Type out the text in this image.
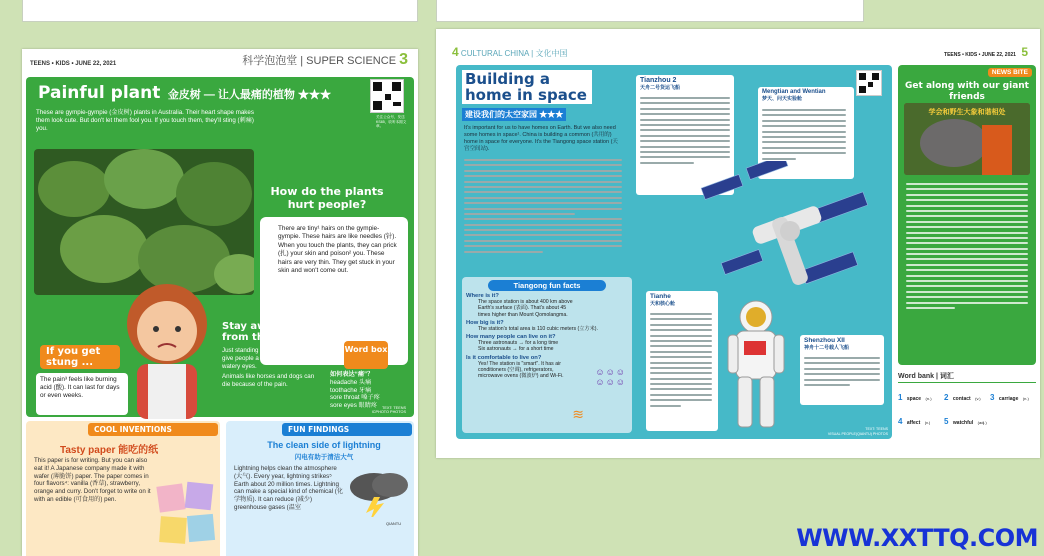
TEENS • KIDS • JUNE 22, 2021	科学泡泡堂 | SUPER SCIENCE 3
Painful plant 金皮树 — 让人最痛的植物 ★★★
关注公众号，发送 KS85，收听本期文章。
These are gympie-gympie (金皮树) plants in Australia. Their heart shape makes them look cute. But don't let them fool you. If you touch them, they'll sting (刺痛) you.
How do the plants hurt people?
There are tiny¹ hairs on the gympie-gympie. These hairs are like needles (针). When you touch the plants, they can prick (扎) your skin and poison² you. These hairs are very thin. They get stuck in your skin and won't come out.
If you get stung ...
The pain³ feels like burning acid (酸). It can last for days or even weeks.
Stay away from them
Just standing near the plants can give people a runny nose and watery eyes.
Animals like horses and dogs can die because of the pain.
Word box
如何表达“痛”？
headache 头痛
toothache 牙痛
sore throat 嗓子疼
sore eyes 眼睛疼	TEXT: TEENS
ICPHOTO PHOTOS
COOL INVENTIONS
Tasty paper 能吃的纸
This paper is for writing. But you can also eat it! A Japanese company made it with wafer (薄脆饼) paper. The paper comes in four flavors⁴: vanilla (香草), strawberry, orange and curry. Don't forget to write on it with an edible (可食用的) pen.
FUN FINDINGS
The clean side of lightning
闪电有助于清洁大气
Lightning helps clean the atmosphere (大气). Every year, lightning strikes⁵ Earth about 20 million times. Lightning can make a special kind of chemical (化学物质). It can reduce (减少) greenhouse gases (温室
QIANTU
4 CULTURAL CHINA | 文化中国	TEENS • KIDS • JUNE 22, 2021 5
Building a home in space
建设我们的太空家园 ★★★
It's important for us to have homes on Earth. But we also need some homes in space¹. China is building a common (共用的) home in space for everyone. It's the Tiangong space station (天宫空间站).
Tiangong fun facts
Where is it?
The space station is about 400 km above Earth's surface (表面). That's about 45 times higher than Mount Qomolangma.
How big is it?
The station's total area is 110 cubic meters (立方米).
How many people can live on it?
Three astronauts → for a long time Six astronauts → for a short time
Is it comfortable to live on?
Yes! The station is "smart". It has air conditioners (空调), refrigerators, microwave ovens (微波炉) and Wi-Fi.	☺☺☺
☺☺☺
≋
Tianzhou 2
天舟二号货运飞船
Mengtian and Wentian
梦天、问天实验舱
Tianhe
天和核心舱
Shenzhou XII
神舟十二号载人飞船
TEXT: TEENS
VISUAL PEOPLE(QIANTU) PHOTOS
NEWS BITE
Get along with our giant friends
学会和野生大象和谐相处
Word bank | 词汇
1 space (n.)	2 contact (v.)	3 carriage (n.)
4 affect (v.)	5 watchful (adj.)
WWW.XXTTQ.COM
